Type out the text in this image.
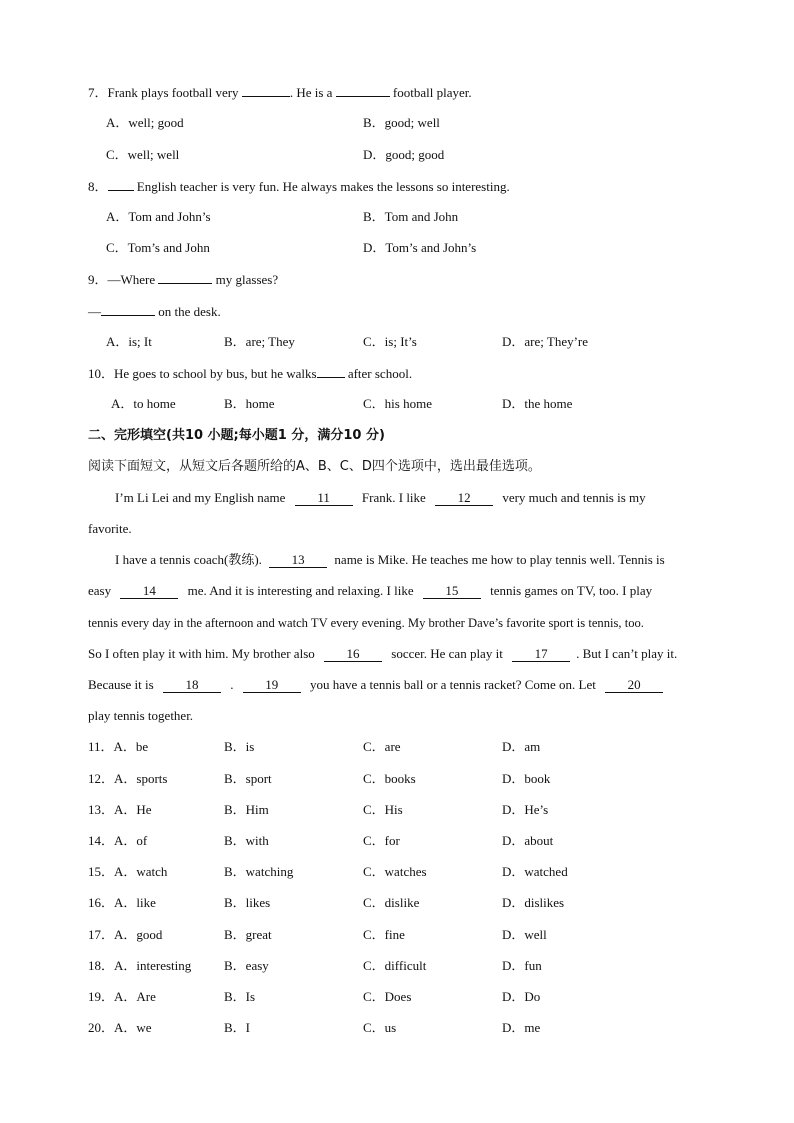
7．Frank plays football very	. He is a	football player.
A．well; good	B．good; well
C．well; well	D．good; good
8． English teacher is very fun. He always makes the lessons so interesting.
A．Tom and John’s	B．Tom and John
C．Tom’s and John	D．Tom’s and John’s
9．—Where	my glasses?
—	on the desk.
A．is; It	B．are; They	C．is; It’s	D．are; They’re
10．He goes to school by bus, but he walks after school.
A．to home	B．home	C．his home	D．the home
二、完形填空(共10 小题;每小题1 分，满分10 分)
阅读下面短文，从短文后各题所给的A、B、C、D四个选项中，选出最佳选项。
I’m Li Lei and my English name 11 Frank. I like 12 very much and tennis is my
favorite.
I have a tennis coach(教练). 13 name is Mike. He teaches me how to play tennis well. Tennis is
easy 14 me. And it is interesting and relaxing. I like 15 tennis games on TV, too. I play
tennis every day in the afternoon and watch TV every evening. My brother Dave’s favorite sport is tennis, too.
So I often play it with him. My brother also 16 soccer. He can play it 17 . But I can’t play it.
Because it is 18 . 19 you have a tennis ball or a tennis racket? Come on. Let 20
play tennis together.
11．A．be	B．is	C．are	D．am
12．A．sports	B．sport	C．books	D．book
13．A．He	B．Him	C．His	D．He’s
14．A．of	B．with	C．for	D．about
15．A．watch	B．watching	C．watches	D．watched
16．A．like	B．likes	C．dislike	D．dislikes
17．A．good	B．great	C．fine	D．well
18．A．interesting	B．easy	C．difficult	D．fun
19．A．Are	B．Is	C．Does	D．Do
20．A．we	B．I	C．us	D．me
